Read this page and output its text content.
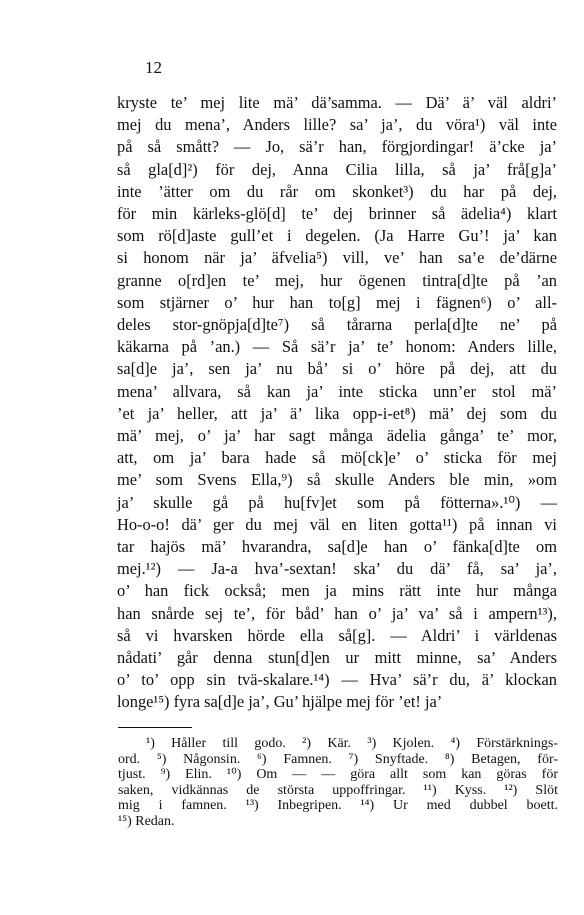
12
kryste te’ mej lite mä’ dä’samma. — Dä’ ä’ väl aldri’
mej du mena’, Anders lille? sa’ ja’, du vöra¹) väl inte
på så smått? — Jo, sä’r han, förgjordingar! ä’cke ja’
så gla[d]²) för dej, Anna Cilia lilla, så ja’ frå[g]a’
inte ’ätter om du rår om skonket³) du har på dej,
för min kärleks-glö[d] te’ dej brinner så ädelia⁴) klart
som rö[d]aste gull’et i degelen. (Ja Harre Gu’! ja’ kan
si honom när ja’ äfvelia⁵) vill, ve’ han sa’e de’därne
granne o[rd]en te’ mej, hur ögenen tintra[d]te på ’an
som stjärner o’ hur han to[g] mej i fägnen⁶) o’ all-
deles stor-gnöpja[d]te⁷) så tårarna perla[d]te ne’ på
käkarna på ’an.) — Så sä’r ja’ te’ honom: Anders lille,
sa[d]e ja’, sen ja’ nu bå’ si o’ höre på dej, att du
mena’ allvara, så kan ja’ inte sticka unn’er stol mä’
’et ja’ heller, att ja’ ä’ lika opp-i-et⁸) mä’ dej som du
mä’ mej, o’ ja’ har sagt många ädelia gånga’ te’ mor,
att, om ja’ bara hade så mö[ck]e’ o’ sticka för mej
me’ som Svens Ella,⁹) så skulle Anders ble min, »om
ja’ skulle gå på hu[fv]et som på fötterna».¹⁰) —
Ho-o-o! dä’ ger du mej väl en liten gotta¹¹) på innan vi
tar hajös mä’ hvarandra, sa[d]e han o’ fänka[d]te om
mej.¹²) — Ja-a hva’-sextan! ska’ du dä’ få, sa’ ja’,
o’ han fick också; men ja mins rätt inte hur många
han snårde sej te’, för båd’ han o’ ja’ va’ så i ampern¹³),
så vi hvarsken hörde ella så[g]. — Aldri’ i världenas
nådati’ går denna stun[d]en ur mitt minne, sa’ Anders
o’ to’ opp sin tvä-skalare.¹⁴) — Hva’ sä’r du, ä’ klockan
longe¹⁵) fyra sa[d]e ja’, Gu’ hjälpe mej för ’et! ja’
¹) Håller till godo. ²) Kär. ³) Kjolen. ⁴) Förstärknings-
ord. ⁵) Någonsin. ⁶) Famnen. ⁷) Snyftade. ⁸) Betagen, för-
tjust. ⁹) Elin. ¹⁰) Om — — göra allt som kan göras för
saken, vidkännas de största uppoffringar. ¹¹) Kyss. ¹²) Slöt
mig i famnen. ¹³) Inbegripen. ¹⁴) Ur med dubbel boett.
¹⁵) Redan.
